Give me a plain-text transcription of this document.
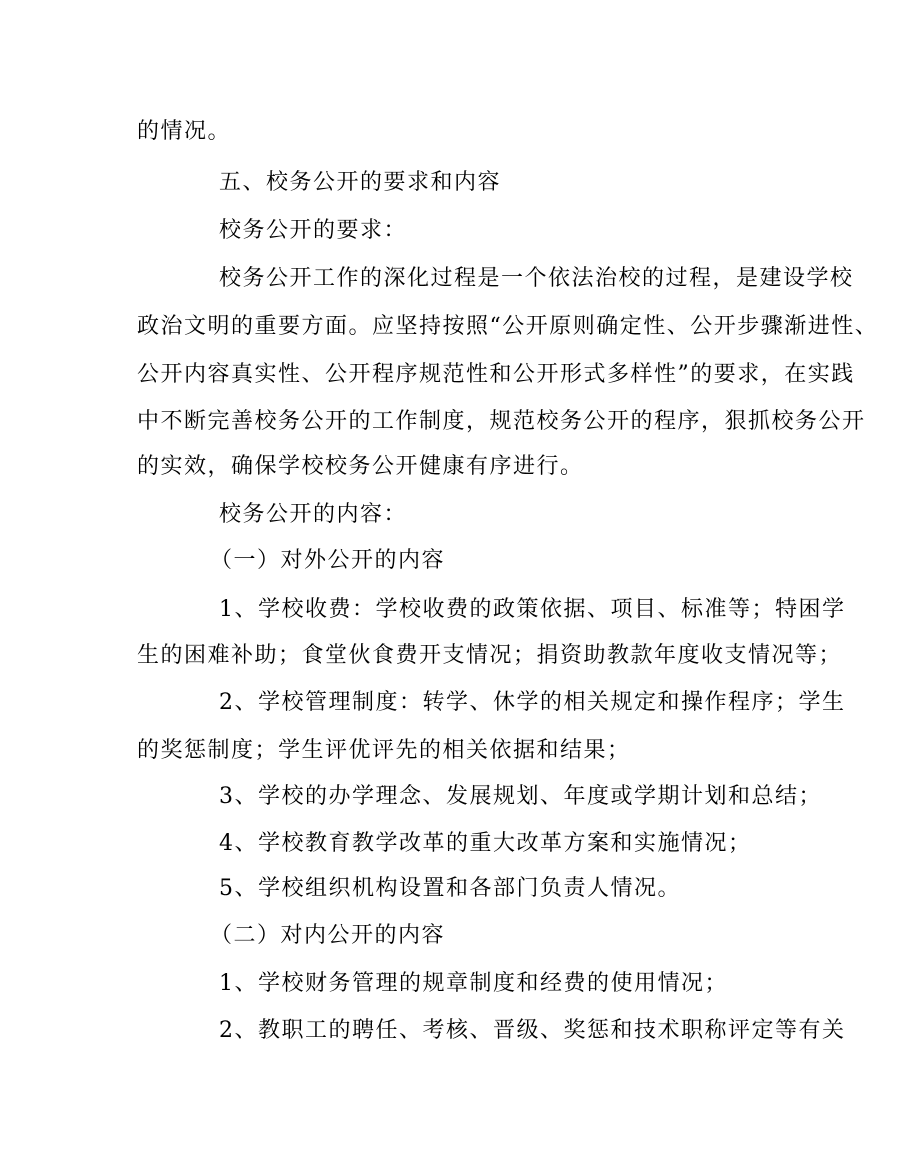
的情况。

五、校务公开的要求和内容

校务公开的要求：

校务公开工作的深化过程是一个依法治校的过程，是建设学校

政治文明的重要方面。应坚持按照“公开原则确定性、公开步骤渐进性、

公开内容真实性、公开程序规范性和公开形式多样性”的要求，在实践

中不断完善校务公开的工作制度，规范校务公开的程序，狠抓校务公开

的实效，确保学校校务公开健康有序进行。

校务公开的内容：

（一）对外公开的内容

1、学校收费：学校收费的政策依据、项目、标准等；特困学

生的困难补助；食堂伙食费开支情况；捐资助教款年度收支情况等；

2、学校管理制度：转学、休学的相关规定和操作程序；学生

的奖惩制度；学生评优评先的相关依据和结果；

3、学校的办学理念、发展规划、年度或学期计划和总结；

4、学校教育教学改革的重大改革方案和实施情况；

5、学校组织机构设置和各部门负责人情况。

（二）对内公开的内容

1、学校财务管理的规章制度和经费的使用情况；

2、教职工的聘任、考核、晋级、奖惩和技术职称评定等有关
